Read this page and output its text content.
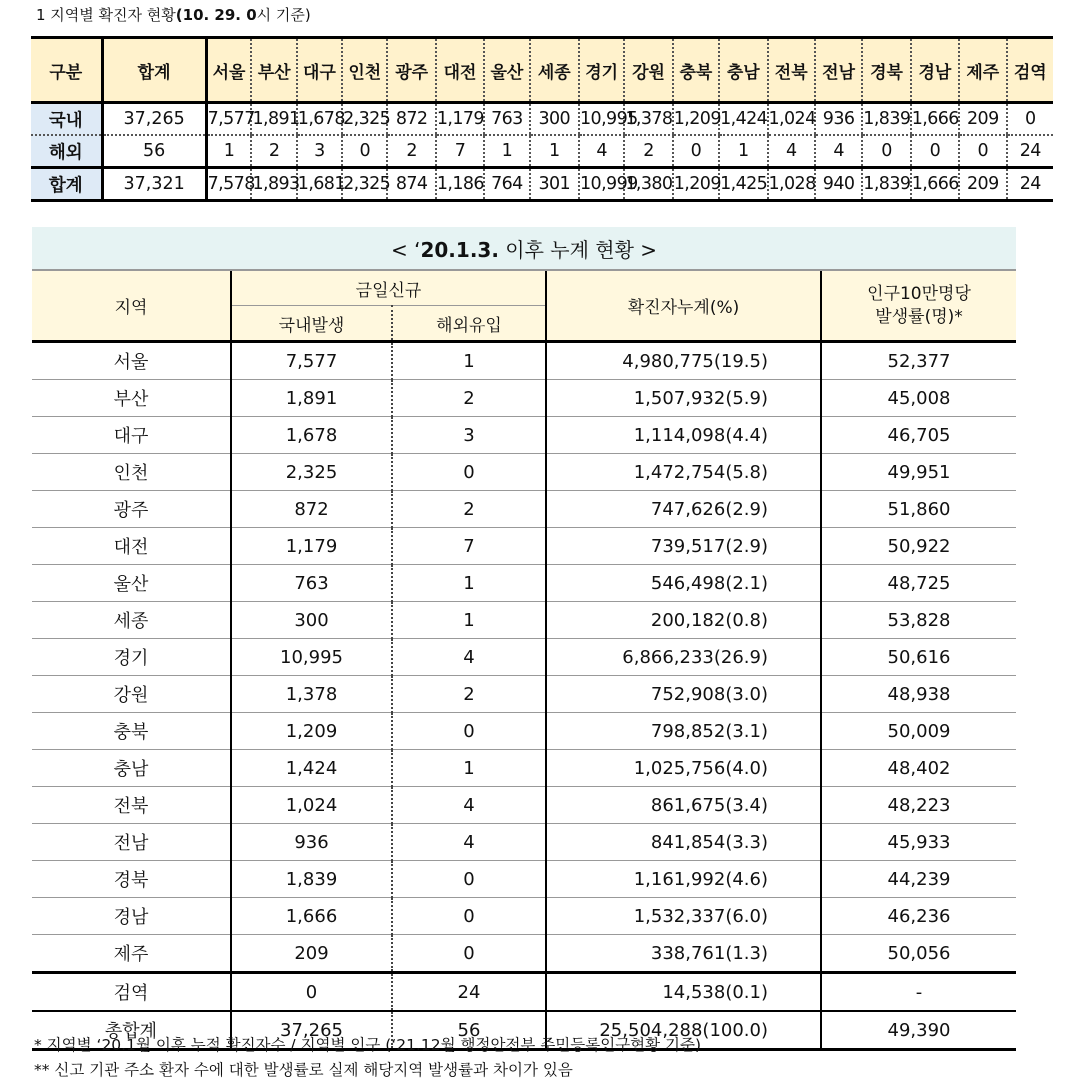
1 지역별 확진자 현황(10. 29. 0시 기준)
구분	합계	서울	부산	대구	인천	광주	대전	울산	세종	경기	강원	충북	충남	전북	전남	경북	경남	제주	검역
국내	37,265	7,577	1,891	1,678	2,325	872	1,179	763	300	10,995	1,378	1,209	1,424	1,024	936	1,839	1,666	209	0
해외	56	1	2	3	0	2	7	1	1	4	2	0	1	4	4	0	0	0	24
합계	37,321	7,578	1,893	1,681	2,325	874	1,186	764	301	10,999	1,380	1,209	1,425	1,028	940	1,839	1,666	209	24
< ‘20.1.3. 이후 누계 현황 >				
지역	금일신규		확진자누계(%)	인구10만명당
발생률(명)*
	국내발생	해외유입		
서울	7,577	1	4,980,775(19.5)	52,377
부산	1,891	2	1,507,932(5.9)	45,008
대구	1,678	3	1,114,098(4.4)	46,705
인천	2,325	0	1,472,754(5.8)	49,951
광주	872	2	747,626(2.9)	51,860
대전	1,179	7	739,517(2.9)	50,922
울산	763	1	546,498(2.1)	48,725
세종	300	1	200,182(0.8)	53,828
경기	10,995	4	6,866,233(26.9)	50,616
강원	1,378	2	752,908(3.0)	48,938
충북	1,209	0	798,852(3.1)	50,009
충남	1,424	1	1,025,756(4.0)	48,402
전북	1,024	4	861,675(3.4)	48,223
전남	936	4	841,854(3.3)	45,933
경북	1,839	0	1,161,992(4.6)	44,239
경남	1,666	0	1,532,337(6.0)	46,236
제주	209	0	338,761(1.3)	50,056
검역	0	24	14,538(0.1)	-
총합계	37,265	56	25,504,288(100.0)	49,390
* 지역별 ‘20.1월 이후 누적 확진자수 / 지역별 인구 (‘21.12월 행정안전부 주민등록인구현황 기준)
** 신고 기관 주소 환자 수에 대한 발생률로 실제 해당지역 발생률과 차이가 있음
